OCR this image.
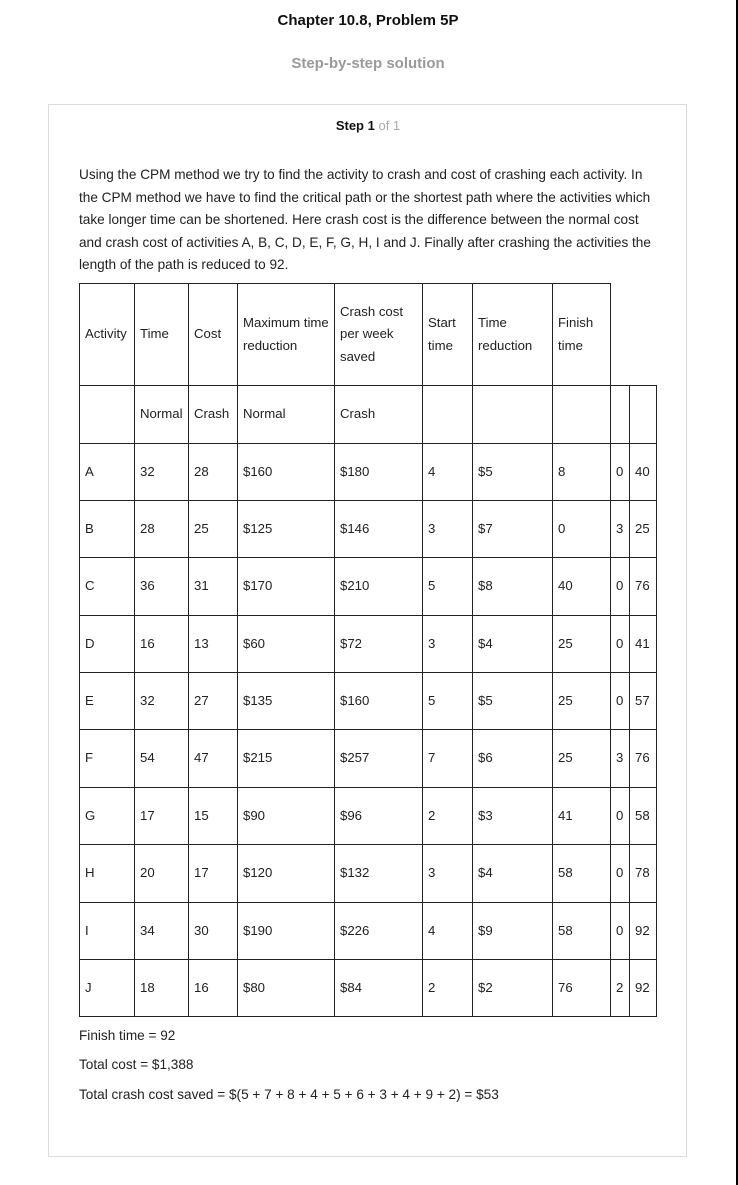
Chapter 10.8, Problem 5P
Step-by-step solution
Step 1 of 1
Using the CPM method we try to find the activity to crash and cost of crashing each activity. In the CPM method we have to find the critical path or the shortest path where the activities which take longer time can be shortened. Here crash cost is the difference between the normal cost and crash cost of activities A, B, C, D, E, F, G, H, I and J. Finally after crashing the activities the length of the path is reduced to 92.
Activity	Time	Cost	Maximum time reduction	Crash cost per week saved	Start time	Time reduction	Finish time		
	Normal	Crash	Normal	Crash					
A	32	28	$160	$180	4	$5	8	0	40
B	28	25	$125	$146	3	$7	0	3	25
C	36	31	$170	$210	5	$8	40	0	76
D	16	13	$60	$72	3	$4	25	0	41
E	32	27	$135	$160	5	$5	25	0	57
F	54	47	$215	$257	7	$6	25	3	76
G	17	15	$90	$96	2	$3	41	0	58
H	20	17	$120	$132	3	$4	58	0	78
I	34	30	$190	$226	4	$9	58	0	92
J	18	16	$80	$84	2	$2	76	2	92
Finish time = 92
Total cost = $1,388
Total crash cost saved = $(5 + 7 + 8 + 4 + 5 + 6 + 3 + 4 + 9 + 2) = $53
